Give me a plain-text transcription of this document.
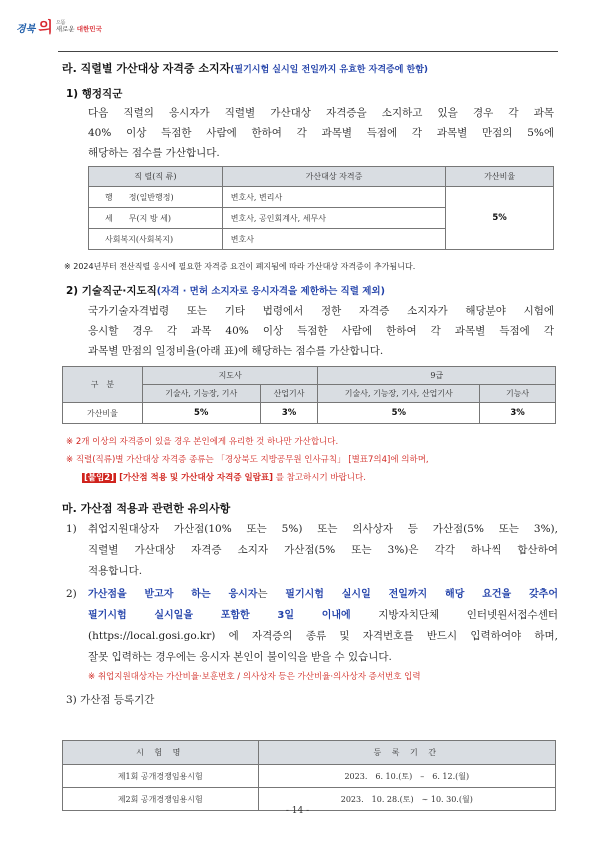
경북 의 으뜸
새로운 대한민국
라. 직렬별 가산대상 자격증 소지자(필기시험 실시일 전일까지 유효한 자격증에 한함)
1) 행정직군
다음 직렬의 응시자가 직렬별 가산대상 자격증을 소지하고 있을 경우 각 과목
40% 이상 득점한 사람에 한하여 각 과목별 득점에 각 과목별 만점의 5%에
해당하는 점수를 가산합니다.
직 렬(직 류)	가산대상 자격증	가산비율
행　　정(일반행정)	변호사, 변리사	5%
세　　무(지 방 세)	변호사, 공인회계사, 세무사	
사회복지(사회복지)	변호사	
※ 2024년부터 전산직렬 응시에 필요한 자격증 요건이 폐지됨에 따라 가산대상 자격증이 추가됨니다.
2) 기술직군·지도직(자격 · 면허 소지자로 응시자격을 제한하는 직렬 제외)
국가기술자격법령 또는 기타 법령에서 정한 자격증 소지자가 해당분야 시험에
응시할 경우 각 과목 40% 이상 득점한 사람에 한하여 각 과목별 득점에 각
과목별 만점의 일정비율(아래 표)에 해당하는 점수를 가산합니다.
구　분	지도사		9급	
	기술사, 기능장, 기사	산업기사	기술사, 기능장, 기사, 산업기사	기능사
가산비율	5%	3%	5%	3%
※ 2개 이상의 자격증이 있을 경우 본인에게 유리한 것 하나만 가산합니다.
※ 직렬(직류)별 가산대상 자격증 종류는 「경상북도 지방공무원 인사규칙」 [별표7의4]에 의하며,
[붙임2] [가산점 적용 및 가산대상 자격증 일람표] 를 참고하시기 바랍니다.
마. 가산점 적용과 관련한 유의사항
1) 취업지원대상자 가산점(10% 또는 5%) 또는 의사상자 등 가산점(5% 또는 3%),
직렬별 가산대상 자격증 소지자 가산점(5% 또는 3%)은 각각 하나씩 합산하여
적용합니다.
2) 가산점을 받고자 하는 응시자는 필기시험 실시일 전일까지 해당 요건을 갖추어
필기시험 실시일을 포함한 3일 이내에 지방자치단체 인터넷원서접수센터
(https://local.gosi.go.kr) 에 자격증의 종류 및 자격번호를 반드시 입력하여야 하며,
잘못 입력하는 경우에는 응시자 본인이 불이익을 받을 수 있습니다.
※ 취업지원대상자는 가산비율·보훈번호 / 의사상자 등은 가산비율·의사상자 증서번호 입력
3) 가산점 등록기간
시 험 명	등 록 기 간
제1회 공개경쟁임용시험	2023.　6. 10.(토)　–　6. 12.(월)
제2회 공개경쟁임용시험	2023.　10. 28.(토)　∼ 10. 30.(월)
- 14 -
